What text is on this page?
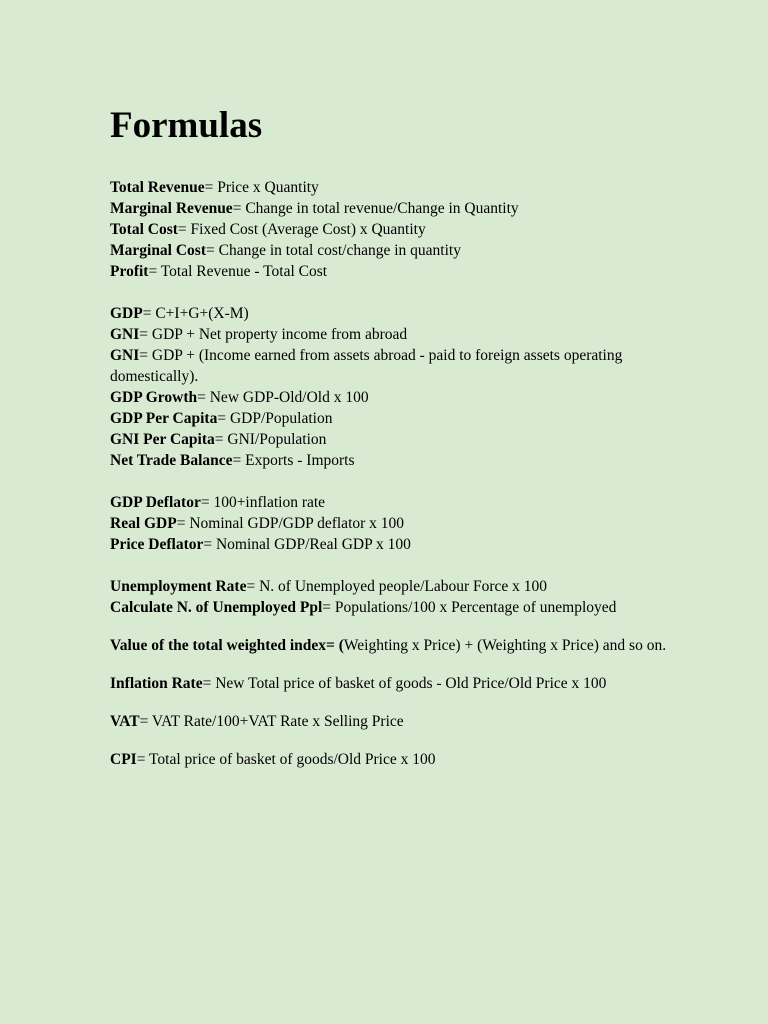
Formulas
Total Revenue= Price x Quantity
Marginal Revenue= Change in total revenue/Change in Quantity
Total Cost= Fixed Cost (Average Cost) x Quantity
Marginal Cost= Change in total cost/change in quantity
Profit= Total Revenue - Total Cost
GDP= C+I+G+(X-M)
GNI= GDP + Net property income from abroad
GNI= GDP + (Income earned from assets abroad - paid to foreign assets operating domestically).
GDP Growth= New GDP-Old/Old x 100
GDP Per Capita= GDP/Population
GNI Per Capita= GNI/Population
Net Trade Balance= Exports - Imports
GDP Deflator= 100+inflation rate
Real GDP= Nominal GDP/GDP deflator x 100
Price Deflator= Nominal GDP/Real GDP x 100
Unemployment Rate= N. of Unemployed people/Labour Force x 100
Calculate N. of Unemployed Ppl= Populations/100 x Percentage of unemployed
Value of the total weighted index= (Weighting x Price) + (Weighting x Price) and so on.
Inflation Rate= New Total price of basket of goods - Old Price/Old Price x 100
VAT= VAT Rate/100+VAT Rate x Selling Price
CPI= Total price of basket of goods/Old Price x 100
